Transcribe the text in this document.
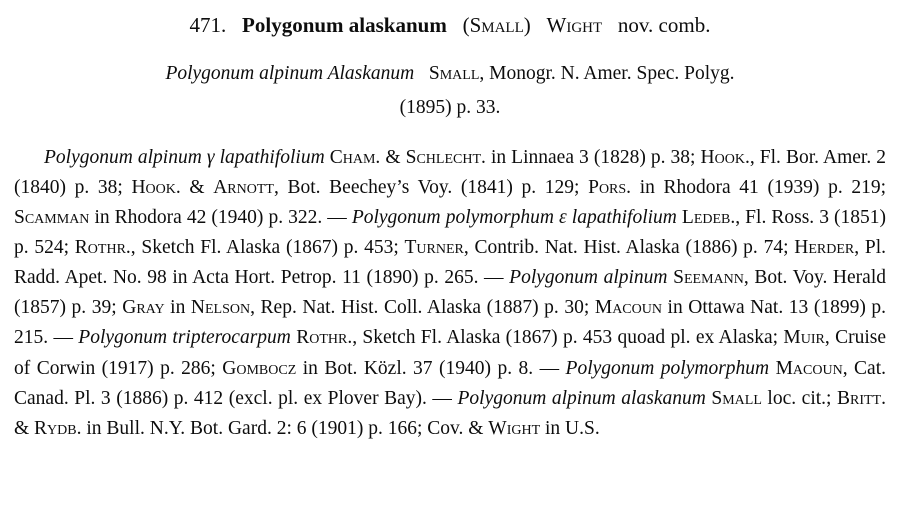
471. Polygonum alaskanum (Small) Wight nov. comb.
Polygonum alpinum Alaskanum Small, Monogr. N. Amer. Spec. Polyg.
(1895) p. 33.

Polygonum alpinum γ lapathifolium Cham. & Schlecht. in Linnaea 3 (1828) p. 38; Hook., Fl. Bor. Amer. 2 (1840) p. 38; Hook. & Arnott, Bot. Beechey’s Voy. (1841) p. 129; Pors. in Rhodora 41 (1939) p. 219; Scamman in Rhodora 42 (1940) p. 322. — Polygonum polymorphum ε lapathifolium Ledeb., Fl. Ross. 3 (1851) p. 524; Rothr., Sketch Fl. Alaska (1867) p. 453; Turner, Contrib. Nat. Hist. Alaska (1886) p. 74; Herder, Pl. Radd. Apet. No. 98 in Acta Hort. Petrop. 11 (1890) p. 265. — Polygonum alpinum Seemann, Bot. Voy. Herald (1857) p. 39; Gray in Nelson, Rep. Nat. Hist. Coll. Alaska (1887) p. 30; Macoun in Ottawa Nat. 13 (1899) p. 215. — Polygonum tripterocarpum Rothr., Sketch Fl. Alaska (1867) p. 453 quoad pl. ex Alaska; Muir, Cruise of Corwin (1917) p. 286; Gombocz in Bot. Közl. 37 (1940) p. 8. — Polygonum polymorphum Macoun, Cat. Canad. Pl. 3 (1886) p. 412 (excl. pl. ex Plover Bay). — Polygonum alpinum alaskanum Small loc. cit.; Britt. & Rydb. in Bull. N.Y. Bot. Gard. 2: 6 (1901) p. 166; Cov. & Wight in U.S.
